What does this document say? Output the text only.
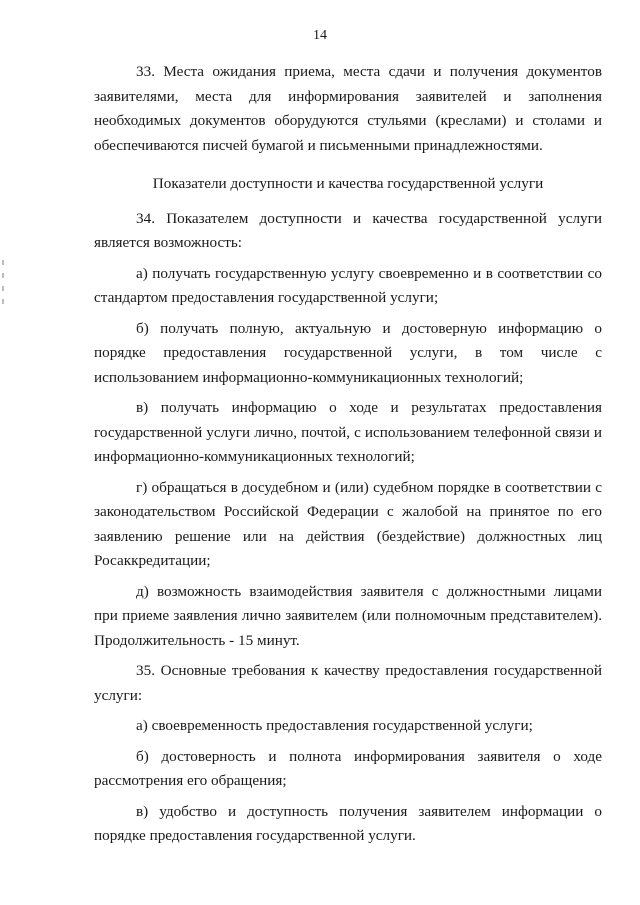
14

33. Места ожидания приема, места сдачи и получения документов заявителями, места для информирования заявителей и заполнения необходимых документов оборудуются стульями (креслами) и столами и обеспечиваются писчей бумагой и письменными принадлежностями.

Показатели доступности и качества государственной услуги

34. Показателем доступности и качества государственной услуги является возможность:

а) получать государственную услугу своевременно и в соответствии со стандартом предоставления государственной услуги;

б) получать полную, актуальную и достоверную информацию о порядке предоставления государственной услуги, в том числе с использованием информационно-коммуникационных технологий;

в) получать информацию о ходе и результатах предоставления государственной услуги лично, почтой, с использованием телефонной связи и информационно-коммуникационных технологий;

г) обращаться в досудебном и (или) судебном порядке в соответствии с законодательством Российской Федерации с жалобой на принятое по его заявлению решение или на действия (бездействие) должностных лиц Росаккредитации;

д) возможность взаимодействия заявителя с должностными лицами при приеме заявления лично заявителем (или полномочным представителем). Продолжительность - 15 минут.

35. Основные требования к качеству предоставления государственной услуги:

а) своевременность предоставления государственной услуги;

б) достоверность и полнота информирования заявителя о ходе рассмотрения его обращения;

в) удобство и доступность получения заявителем информации о порядке предоставления государственной услуги.
